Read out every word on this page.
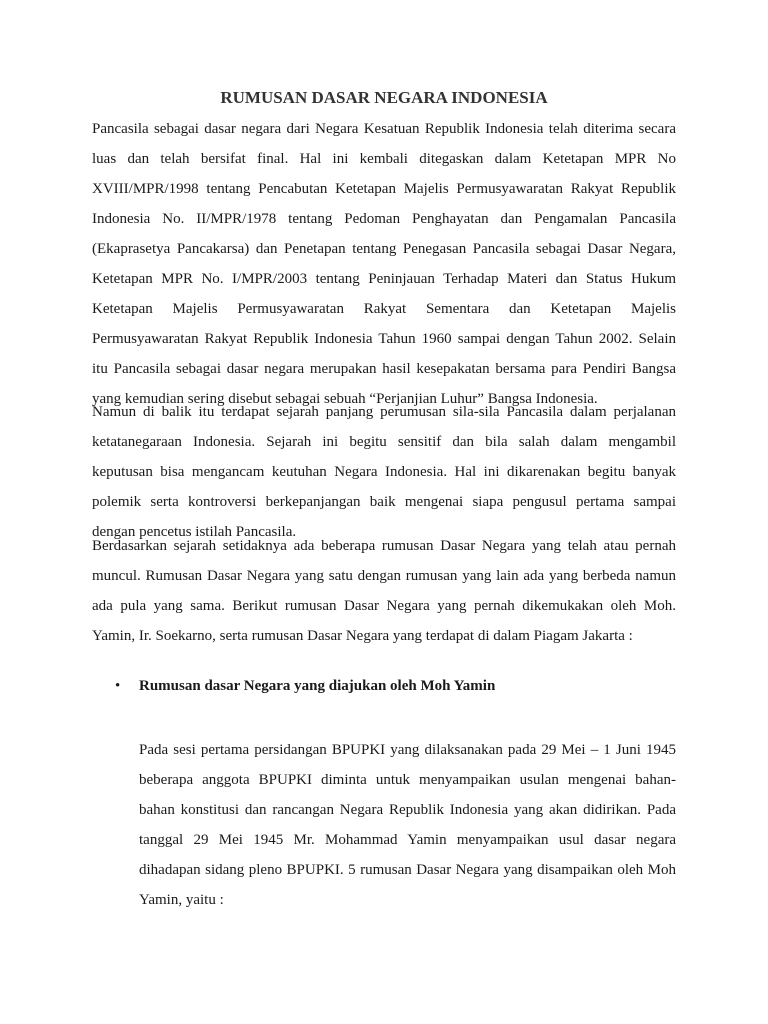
RUMUSAN DASAR NEGARA INDONESIA
Pancasila sebagai dasar negara dari Negara Kesatuan Republik Indonesia telah diterima secara
luas dan telah bersifat final. Hal ini kembali ditegaskan dalam Ketetapan MPR No
XVIII/MPR/1998 tentang Pencabutan Ketetapan Majelis Permusyawaratan Rakyat Republik
Indonesia No. II/MPR/1978 tentang Pedoman Penghayatan dan Pengamalan Pancasila
(Ekaprasetya Pancakarsa) dan Penetapan tentang Penegasan Pancasila sebagai Dasar Negara,
Ketetapan MPR No. I/MPR/2003 tentang Peninjauan Terhadap Materi dan Status Hukum
Ketetapan Majelis Permusyawaratan Rakyat Sementara dan Ketetapan Majelis
Permusyawaratan Rakyat Republik Indonesia Tahun 1960 sampai dengan Tahun 2002. Selain
itu Pancasila sebagai dasar negara merupakan hasil kesepakatan bersama para Pendiri Bangsa
yang kemudian sering disebut sebagai sebuah “Perjanjian Luhur” Bangsa Indonesia.
Namun di balik itu terdapat sejarah panjang perumusan sila-sila Pancasila dalam perjalanan
ketatanegaraan Indonesia. Sejarah ini begitu sensitif dan bila salah dalam mengambil
keputusan bisa mengancam keutuhan Negara Indonesia. Hal ini dikarenakan begitu banyak
polemik serta kontroversi berkepanjangan baik mengenai siapa pengusul pertama sampai
dengan pencetus istilah Pancasila.
Berdasarkan sejarah setidaknya ada beberapa rumusan Dasar Negara yang telah atau pernah
muncul. Rumusan Dasar Negara yang satu dengan rumusan yang lain ada yang berbeda namun
ada pula yang sama. Berikut rumusan Dasar Negara yang pernah dikemukakan oleh Moh.
Yamin, Ir. Soekarno, serta rumusan Dasar Negara yang terdapat di dalam Piagam Jakarta :
• Rumusan dasar Negara yang diajukan oleh Moh Yamin
Pada sesi pertama persidangan BPUPKI yang dilaksanakan pada 29 Mei – 1 Juni 1945
beberapa anggota BPUPKI diminta untuk menyampaikan usulan mengenai bahan-
bahan konstitusi dan rancangan Negara Republik Indonesia yang akan didirikan. Pada
tanggal 29 Mei 1945 Mr. Mohammad Yamin menyampaikan usul dasar negara
dihadapan sidang pleno BPUPKI. 5 rumusan Dasar Negara yang disampaikan oleh Moh
Yamin, yaitu :
